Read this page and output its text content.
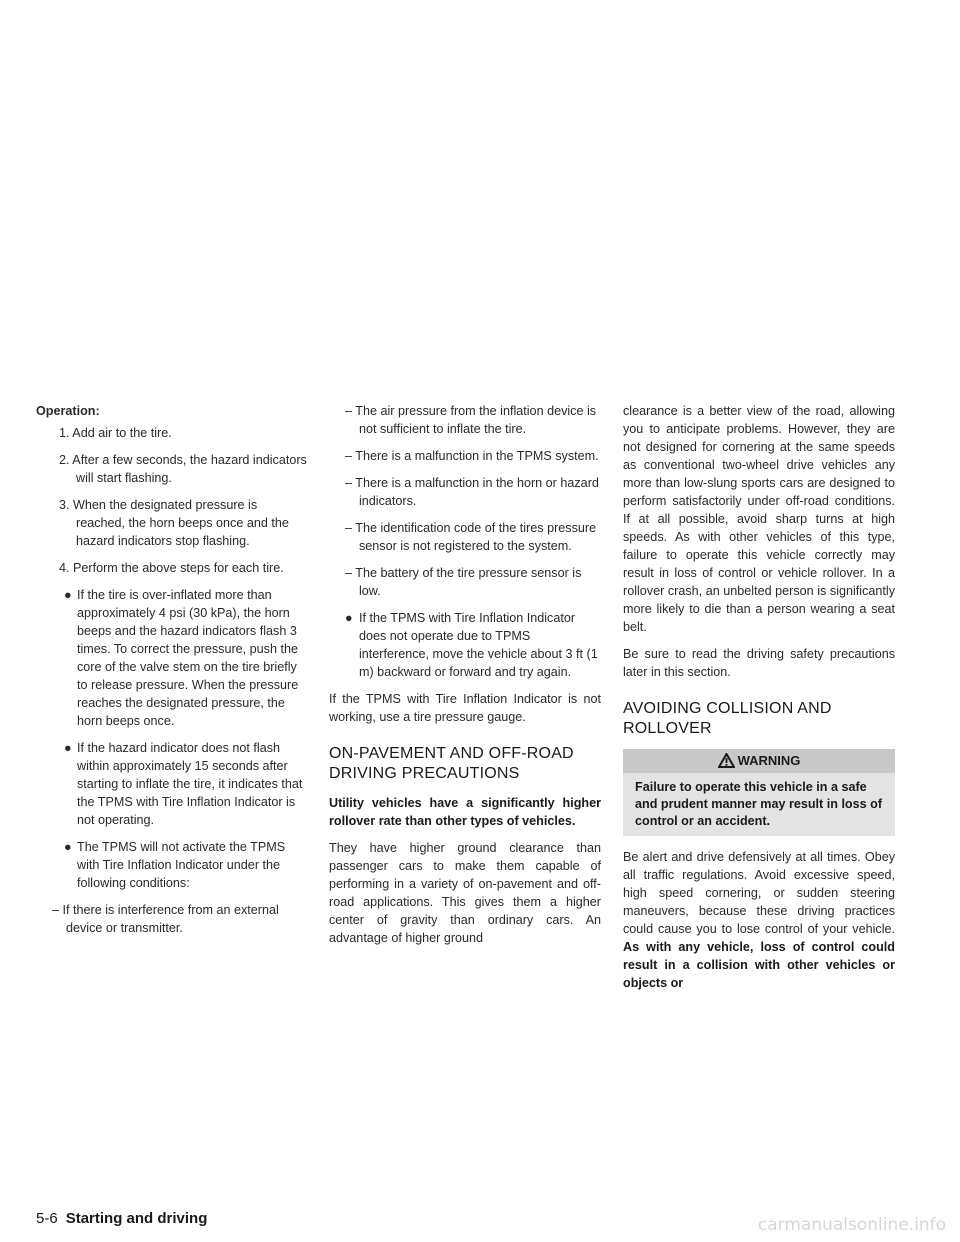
Operation:

1. Add air to the tire.

2. After a few seconds, the hazard indicators will start flashing.

3. When the designated pressure is reached, the horn beeps once and the hazard indicators stop flashing.

4. Perform the above steps for each tire.

● If the tire is over-inflated more than approximately 4 psi (30 kPa), the horn beeps and the hazard indicators flash 3 times. To correct the pressure, push the core of the valve stem on the tire briefly to release pressure. When the pressure reaches the designated pressure, the horn beeps once.
● If the hazard indicator does not flash within approximately 15 seconds after starting to inflate the tire, it indicates that the TPMS with Tire Inflation Indicator is not operating.
● The TPMS will not activate the TPMS with Tire Inflation Indicator under the following conditions:

– If there is interference from an external device or transmitter.

– The air pressure from the inflation device is not sufficient to inflate the tire.

– There is a malfunction in the TPMS system.

– There is a malfunction in the horn or hazard indicators.

– The identification code of the tires pressure sensor is not registered to the system.

– The battery of the tire pressure sensor is low.

● If the TPMS with Tire Inflation Indicator does not operate due to TPMS interference, move the vehicle about 3 ft (1 m) backward or forward and try again.

If the TPMS with Tire Inflation Indicator is not working, use a tire pressure gauge.

ON-PAVEMENT AND OFF-ROAD DRIVING PRECAUTIONS

Utility vehicles have a significantly higher rollover rate than other types of vehicles.

They have higher ground clearance than passenger cars to make them capable of performing in a variety of on-pavement and off-road applications. This gives them a higher center of gravity than ordinary cars. An advantage of higher ground

clearance is a better view of the road, allowing you to anticipate problems. However, they are not designed for cornering at the same speeds as conventional two-wheel drive vehicles any more than low-slung sports cars are designed to perform satisfactorily under off-road conditions. If at all possible, avoid sharp turns at high speeds. As with other vehicles of this type, failure to operate this vehicle correctly may result in loss of control or vehicle rollover. In a rollover crash, an unbelted person is significantly more likely to die than a person wearing a seat belt.

Be sure to read the driving safety precautions later in this section.

AVOIDING COLLISION AND ROLLOVER
WARNING
Failure to operate this vehicle in a safe and prudent manner may result in loss of control or an accident.

Be alert and drive defensively at all times. Obey all traffic regulations. Avoid excessive speed, high speed cornering, or sudden steering maneuvers, because these driving practices could cause you to lose control of your vehicle. As with any vehicle, loss of control could result in a collision with other vehicles or objects or

5-6 Starting and driving	carmanualsonline.info
